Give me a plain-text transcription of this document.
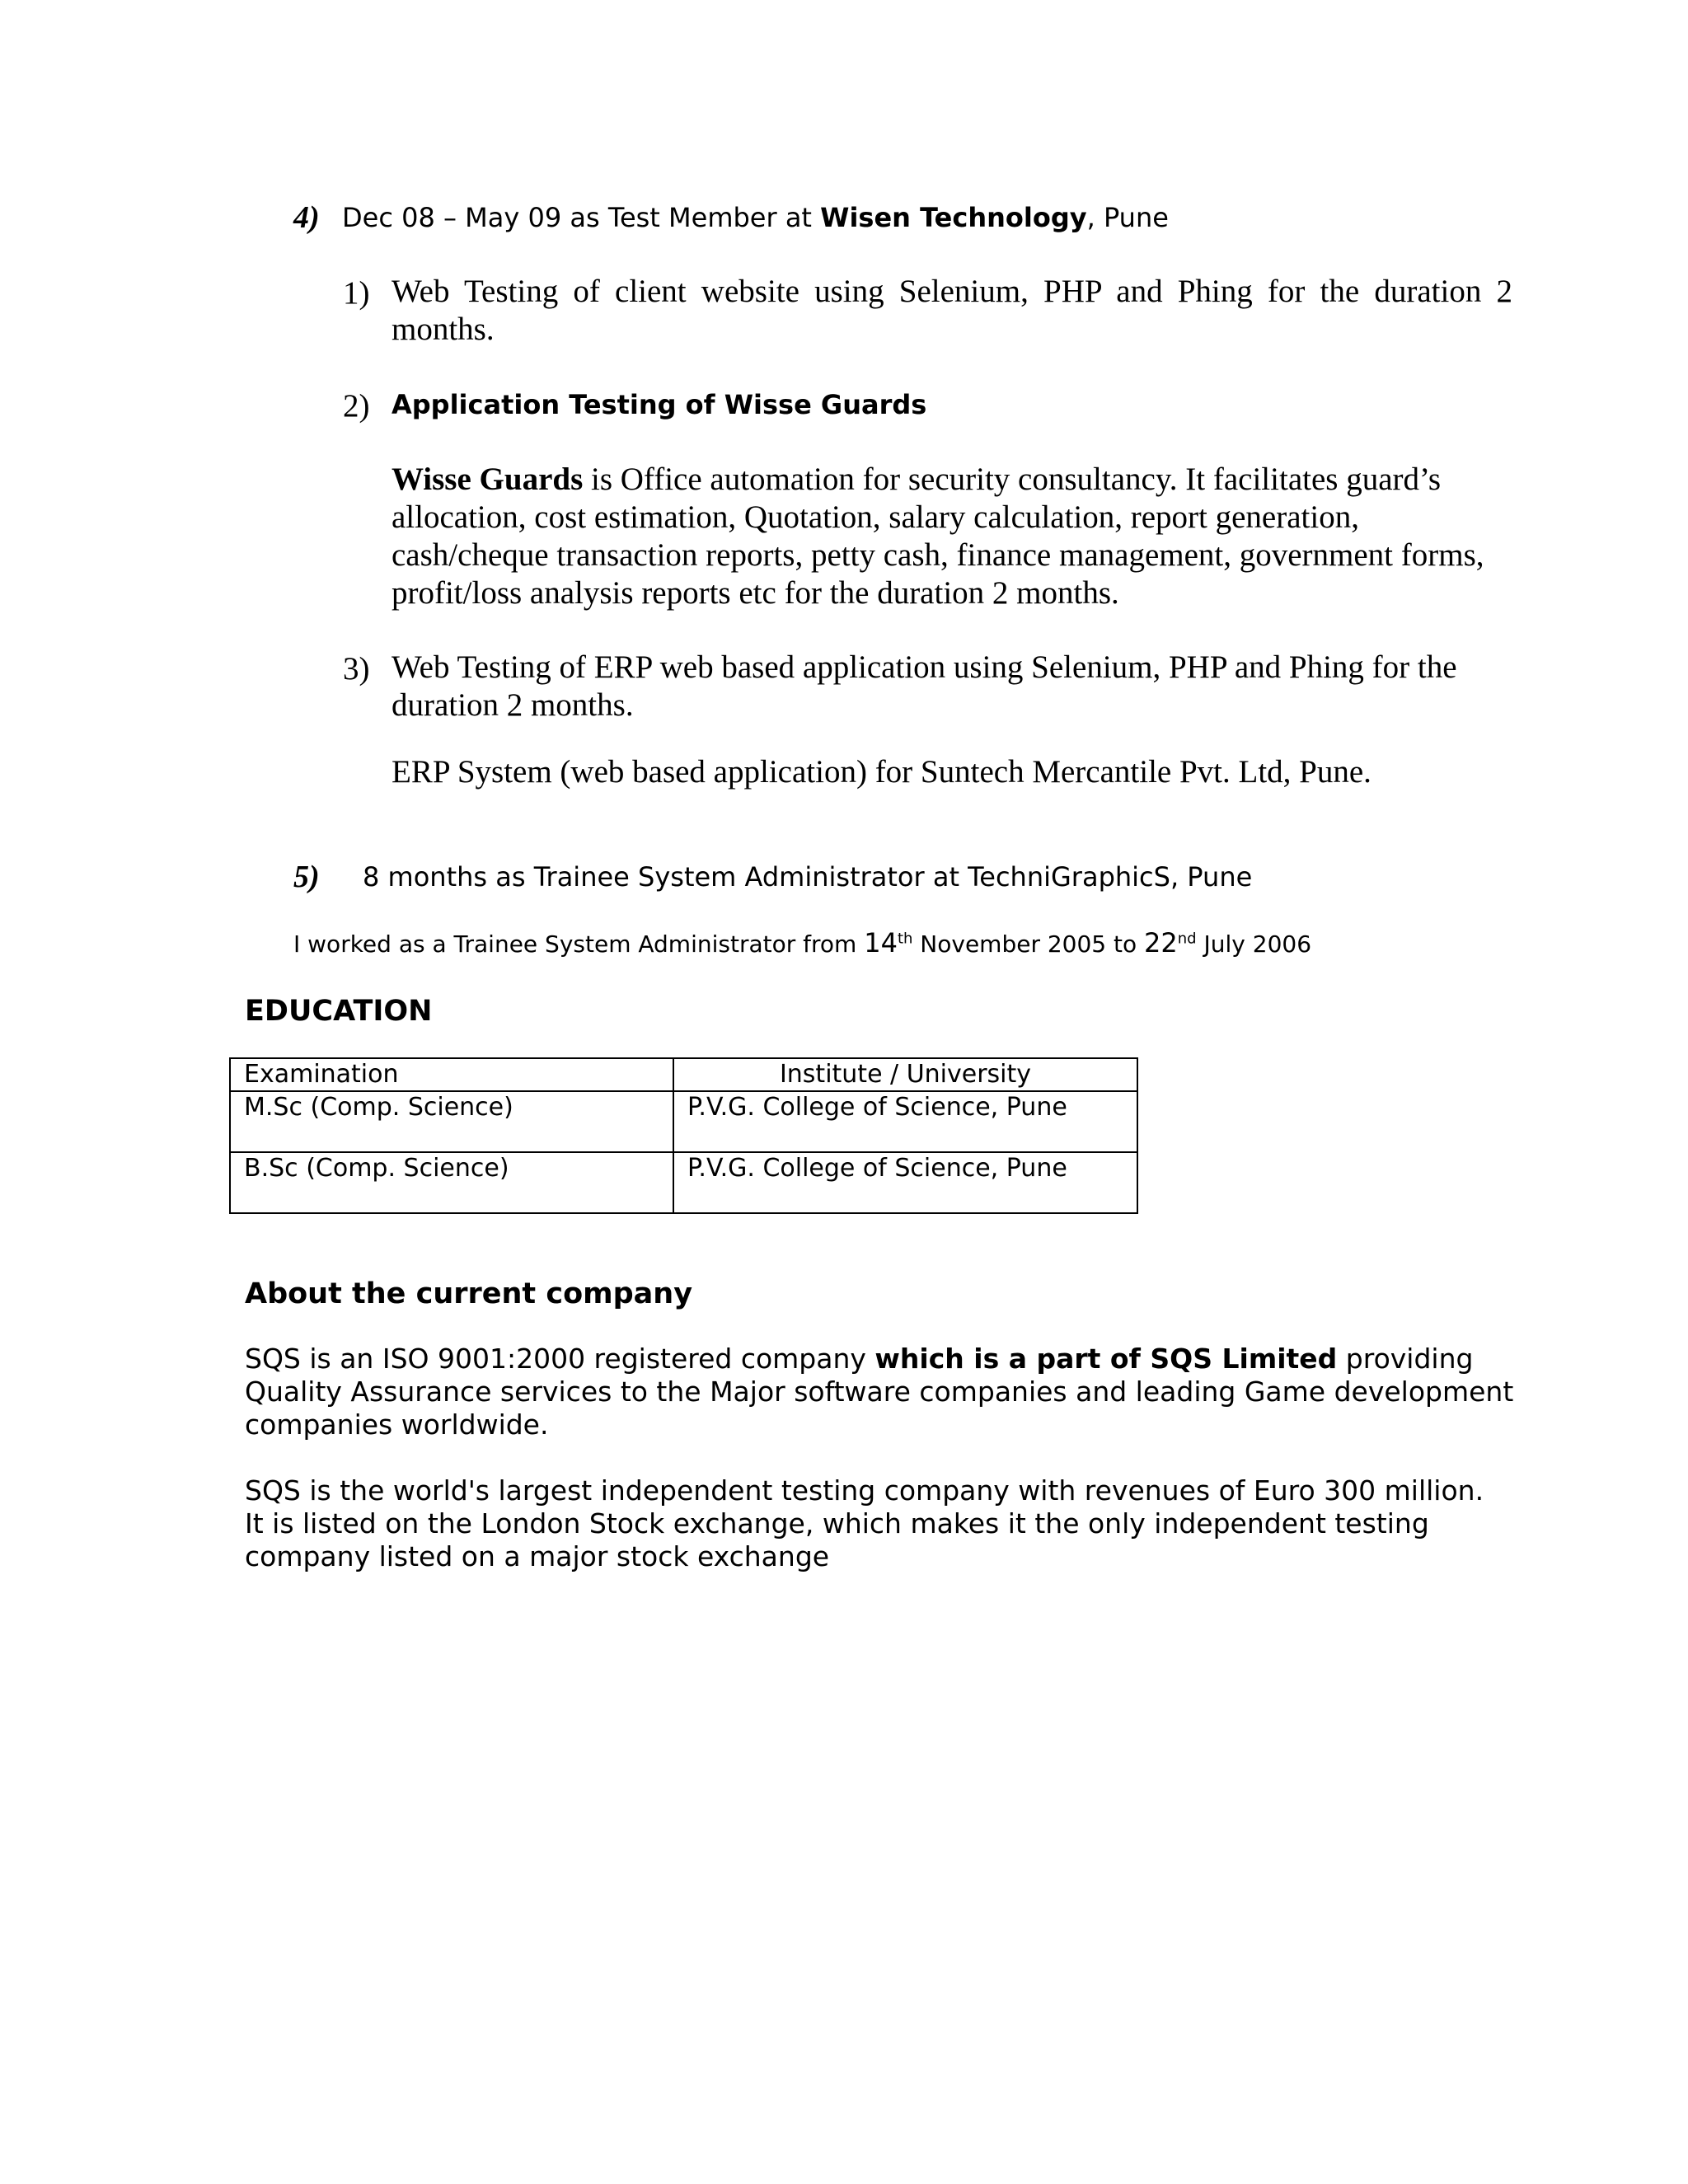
4) Dec 08 – May 09 as Test Member at Wisen Technology, Pune
1) Web Testing of client website using Selenium, PHP and Phing for the duration 2
months.
2) Application Testing of Wisse Guards
Wisse Guards is Office automation for security consultancy. It facilitates guard’s
allocation, cost estimation, Quotation, salary calculation, report generation,
cash/cheque transaction reports, petty cash, finance management, government forms,
profit/loss analysis reports etc for the duration 2 months.
3) Web Testing of ERP web based application using Selenium, PHP and Phing for the
duration 2 months.
ERP System (web based application) for Suntech Mercantile Pvt. Ltd, Pune.
5) 8 months as Trainee System Administrator at TechniGraphicS, Pune
I worked as a Trainee System Administrator from 14th November 2005 to 22nd July 2006
EDUCATION
Examination	Institute / University
M.Sc (Comp. Science)	P.V.G. College of Science, Pune
B.Sc (Comp. Science)	P.V.G. College of Science, Pune
About the current company
SQS is an ISO 9001:2000 registered company which is a part of SQS Limited providing
Quality Assurance services to the Major software companies and leading Game development
companies worldwide.
SQS is the world's largest independent testing company with revenues of Euro 300 million.
It is listed on the London Stock exchange, which makes it the only independent testing
company listed on a major stock exchange
